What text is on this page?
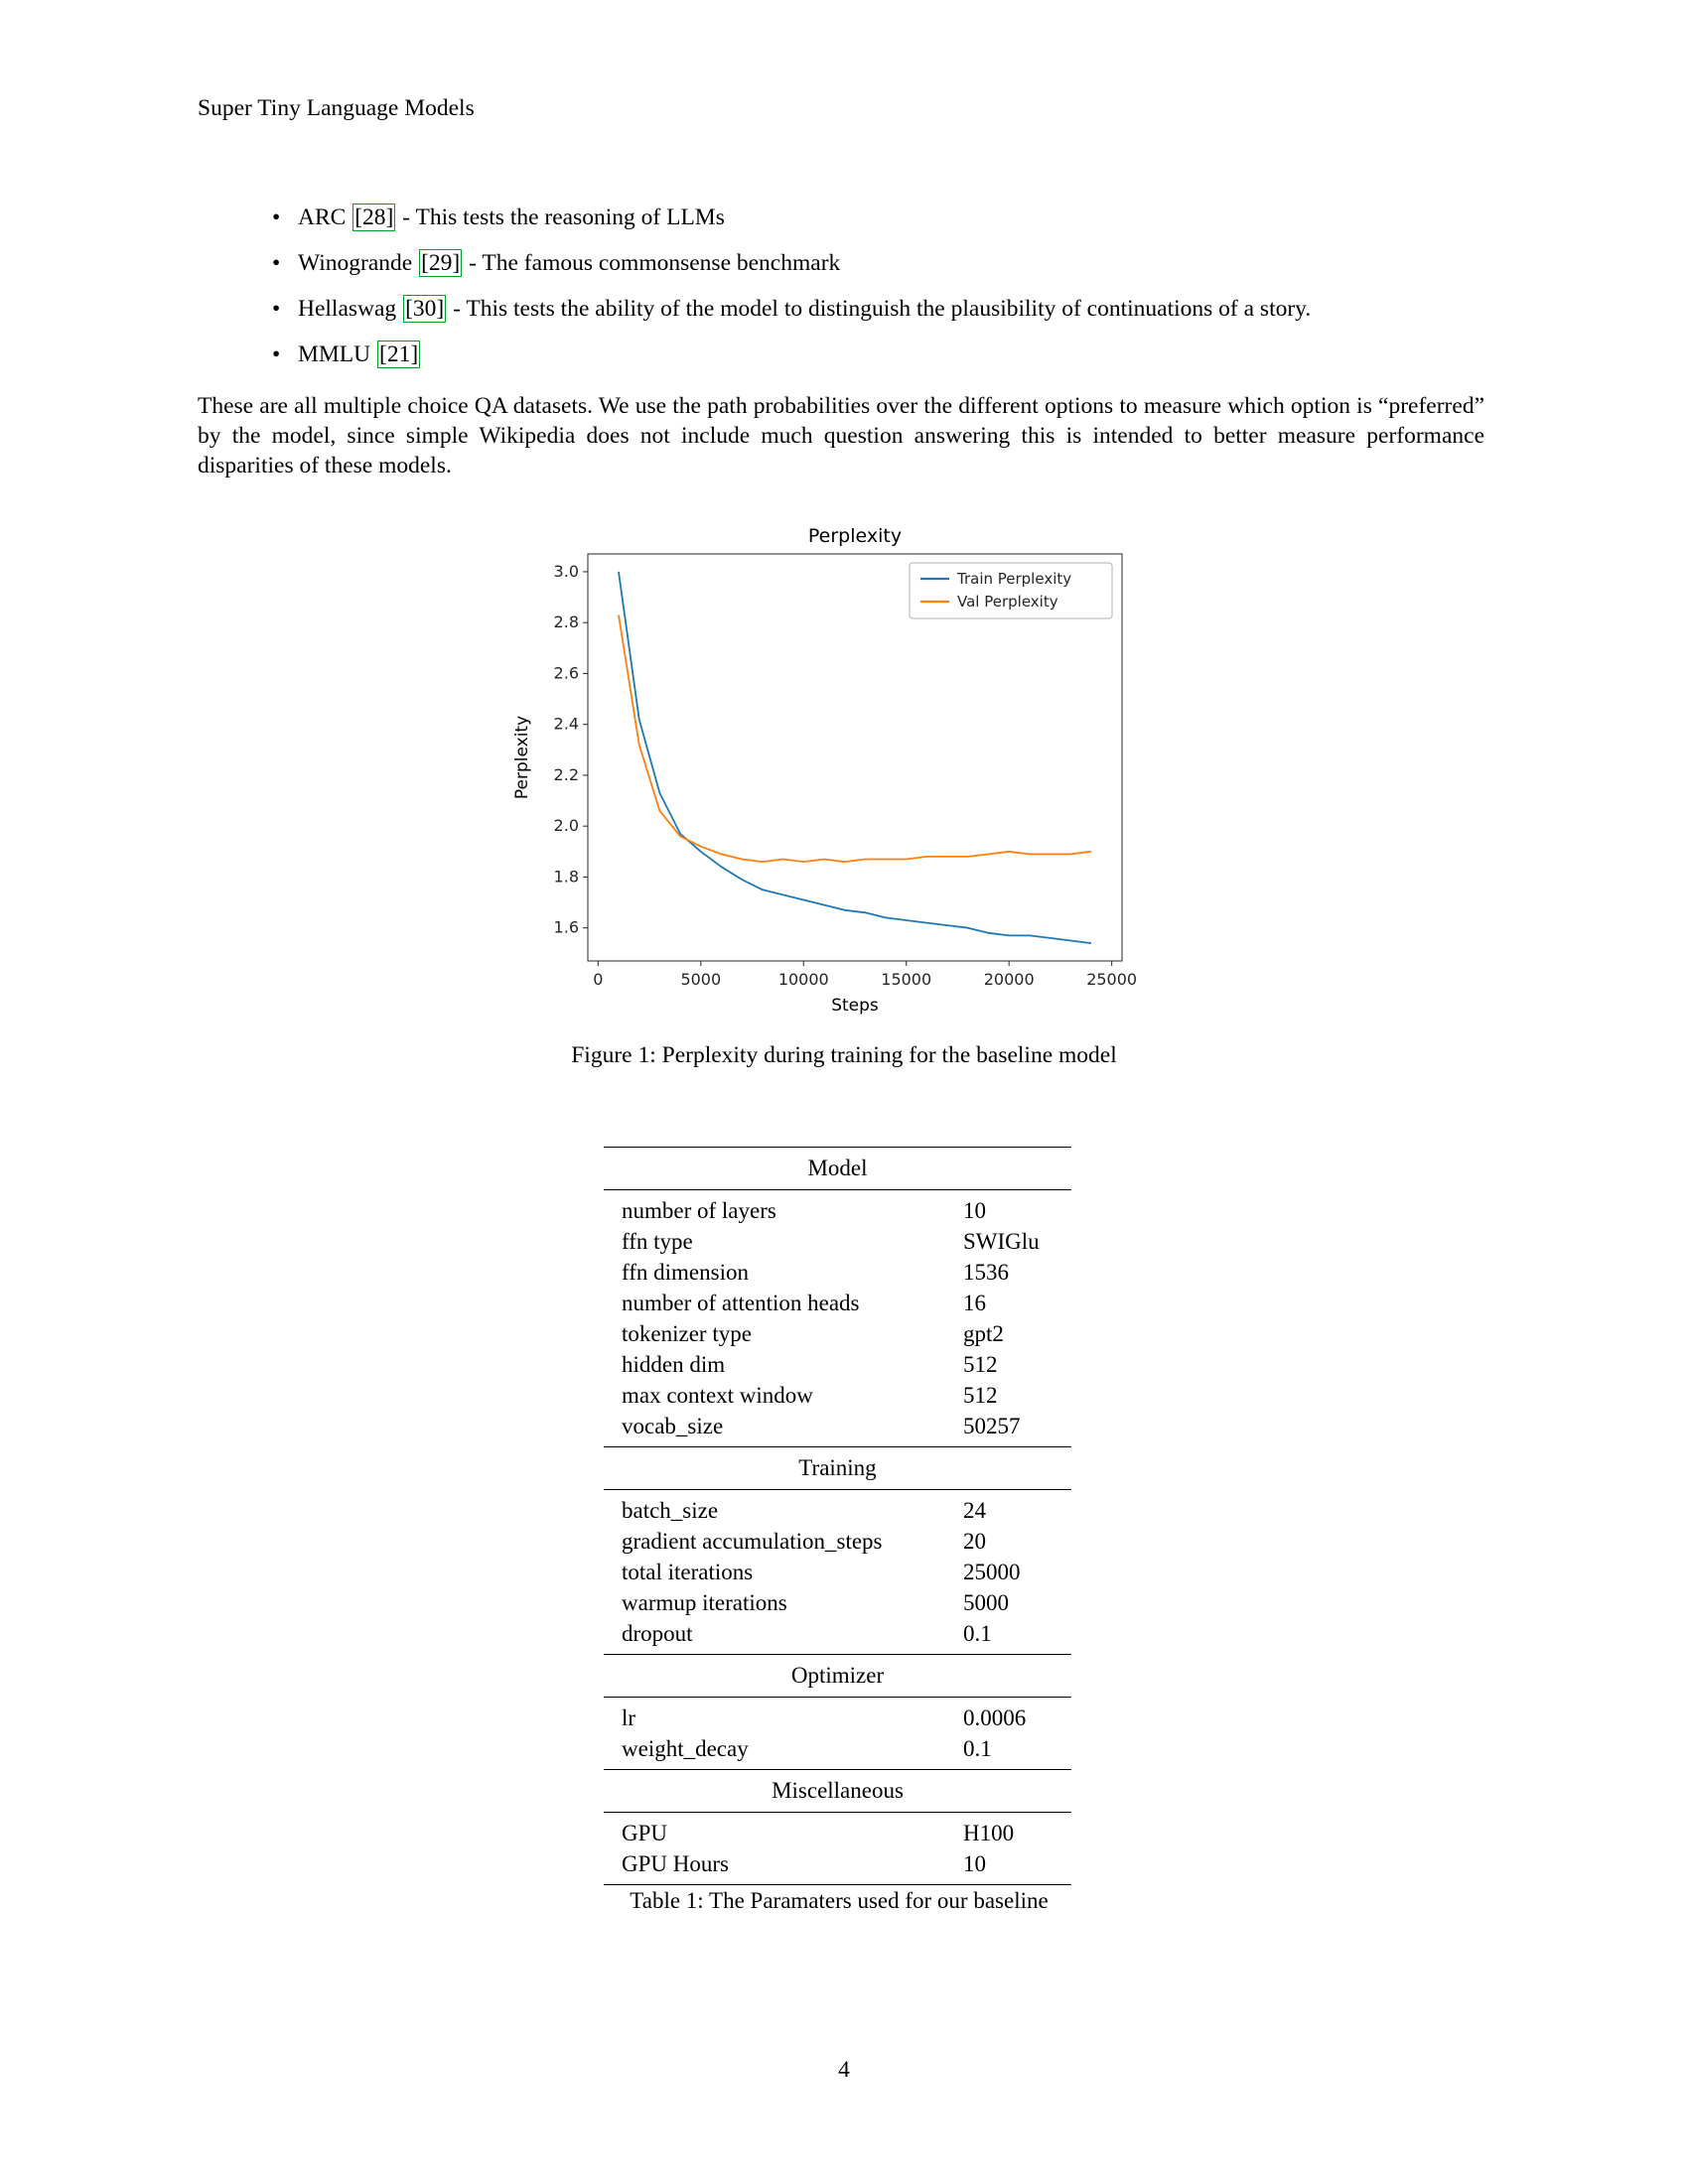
Super Tiny Language Models
• ARC [28] - This tests the reasoning of LLMs
• Winogrande [29] - The famous commonsense benchmark
• Hellaswag [30] - This tests the ability of the model to distinguish the plausibility of continuations of a story.
• MMLU [21]

These are all multiple choice QA datasets. We use the path probabilities over the different options to measure which option is “preferred” by the model, since simple Wikipedia does not include much question answering this is intended to better measure performance disparities of these models.

1.6
1.8
2.0
2.2
2.4
2.6
2.8
3.0
0	5000	10000	15000	20000	25000
Perplexity
Steps
Perplexity
Train Perplexity
Val Perplexity
Figure 1: Perplexity during training for the baseline model
Model
number of layers	10
ffn type	SWIGlu
ffn dimension	1536
number of attention heads	16
tokenizer type	gpt2
hidden dim	512
max context window	512
vocab_size	50257
Training
batch_size	24
gradient accumulation_steps	20
total iterations	25000
warmup iterations	5000
dropout	0.1
Optimizer
lr	0.0006
weight_decay	0.1
Miscellaneous
GPU	H100
GPU Hours	10
Table 1: The Paramaters used for our baseline
4
